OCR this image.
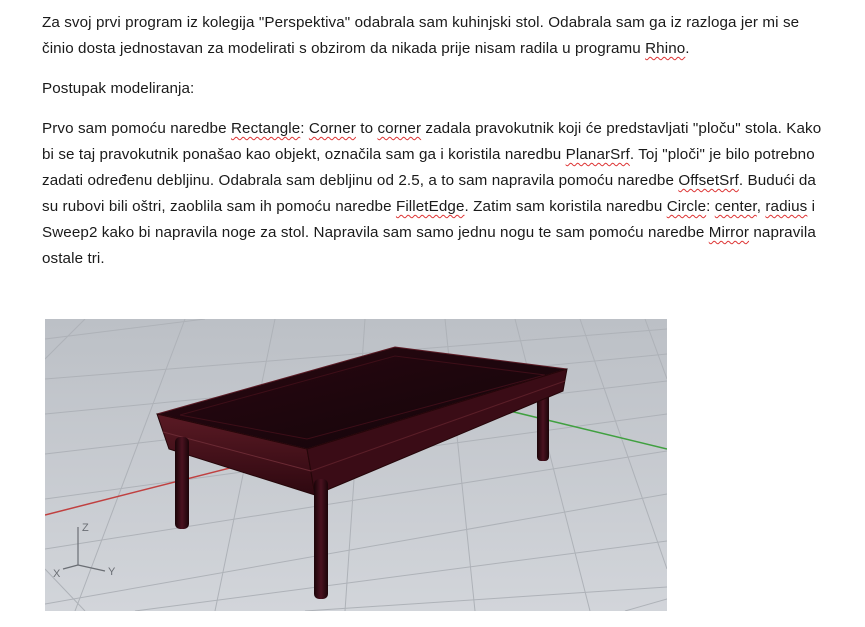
Za svoj prvi program iz kolegija "Perspektiva" odabrala sam kuhinjski stol. Odabrala sam ga iz razloga jer mi se činio dosta jednostavan za modelirati s obzirom da nikada prije nisam radila u programu Rhino.

Postupak modeliranja:

Prvo sam pomoću naredbe Rectangle: Corner to corner zadala pravokutnik koji će predstavljati "ploču" stola. Kako bi se taj pravokutnik ponašao kao objekt, označila sam ga i koristila naredbu PlanarSrf. Toj "ploči" je bilo potrebno zadati određenu debljinu. Odabrala sam debljinu od 2.5, a to sam napravila pomoću naredbe OffsetSrf. Budući da su rubovi bili oštri, zaoblila sam ih pomoću naredbe FilletEdge. Zatim sam koristila naredbu Circle: center, radius i Sweep2 kako bi napravila noge za stol. Napravila sam samo jednu nogu te sam pomoću naredbe Mirror napravila ostale tri.

Z
X	Y
